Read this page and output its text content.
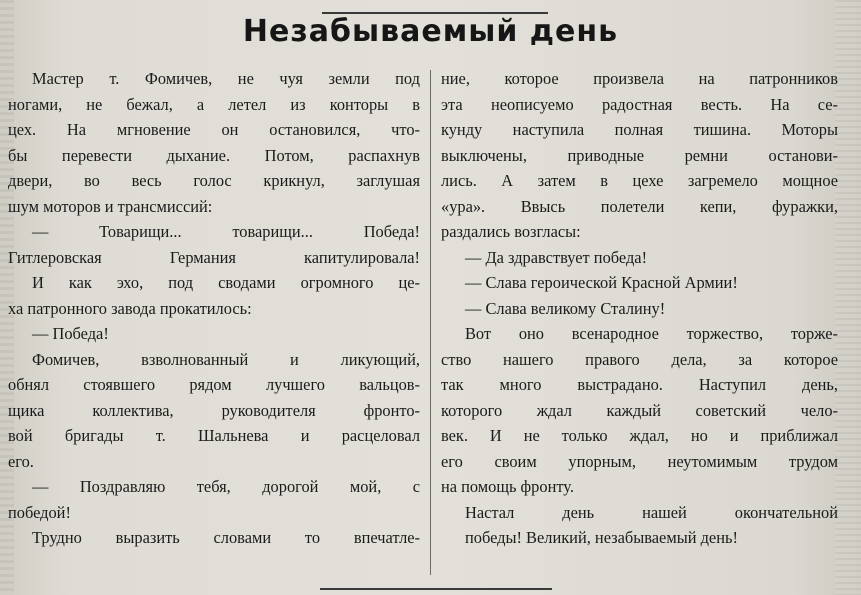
Незабываемый день
Мастер т. Фомичев, не чуя земли под
ногами, не бежал, а летел из конторы в
цех. На мгновение он остановился, что-
бы перевести дыхание. Потом, распахнув
двери, во весь голос крикнул, заглушая
шум моторов и трансмиссий:
— Товарищи... товарищи... Победа!
Гитлеровская Германия капитулировала!
И как эхо, под сводами огромного це-
ха патронного завода прокатилось:
— Победа!
Фомичев, взволнованный и ликующий,
обнял стоявшего рядом лучшего вальцов-
щика коллектива, руководителя фронто-
вой бригады т. Шальнева и расцеловал
его.
— Поздравляю тебя, дорогой мой, с
победой!
Трудно выразить словами то впечатле-
ние, которое произвела на патронников
эта неописуемо радостная весть. На се-
кунду наступила полная тишина. Моторы
выключены, приводные ремни останови-
лись. А затем в цехе загремело мощное
«ура». Ввысь полетели кепи, фуражки,
раздались возгласы:
— Да здравствует победа!
— Слава героической Красной Армии!
— Слава великому Сталину!
Вот оно всенародное торжество, торже-
ство нашего правого дела, за которое
так много выстрадано. Наступил день,
которого ждал каждый советский чело-
век. И не только ждал, но и приближал
его своим упорным, неутомимым трудом
на помощь фронту.
Настал день нашей окончательной
победы! Великий, незабываемый день!
